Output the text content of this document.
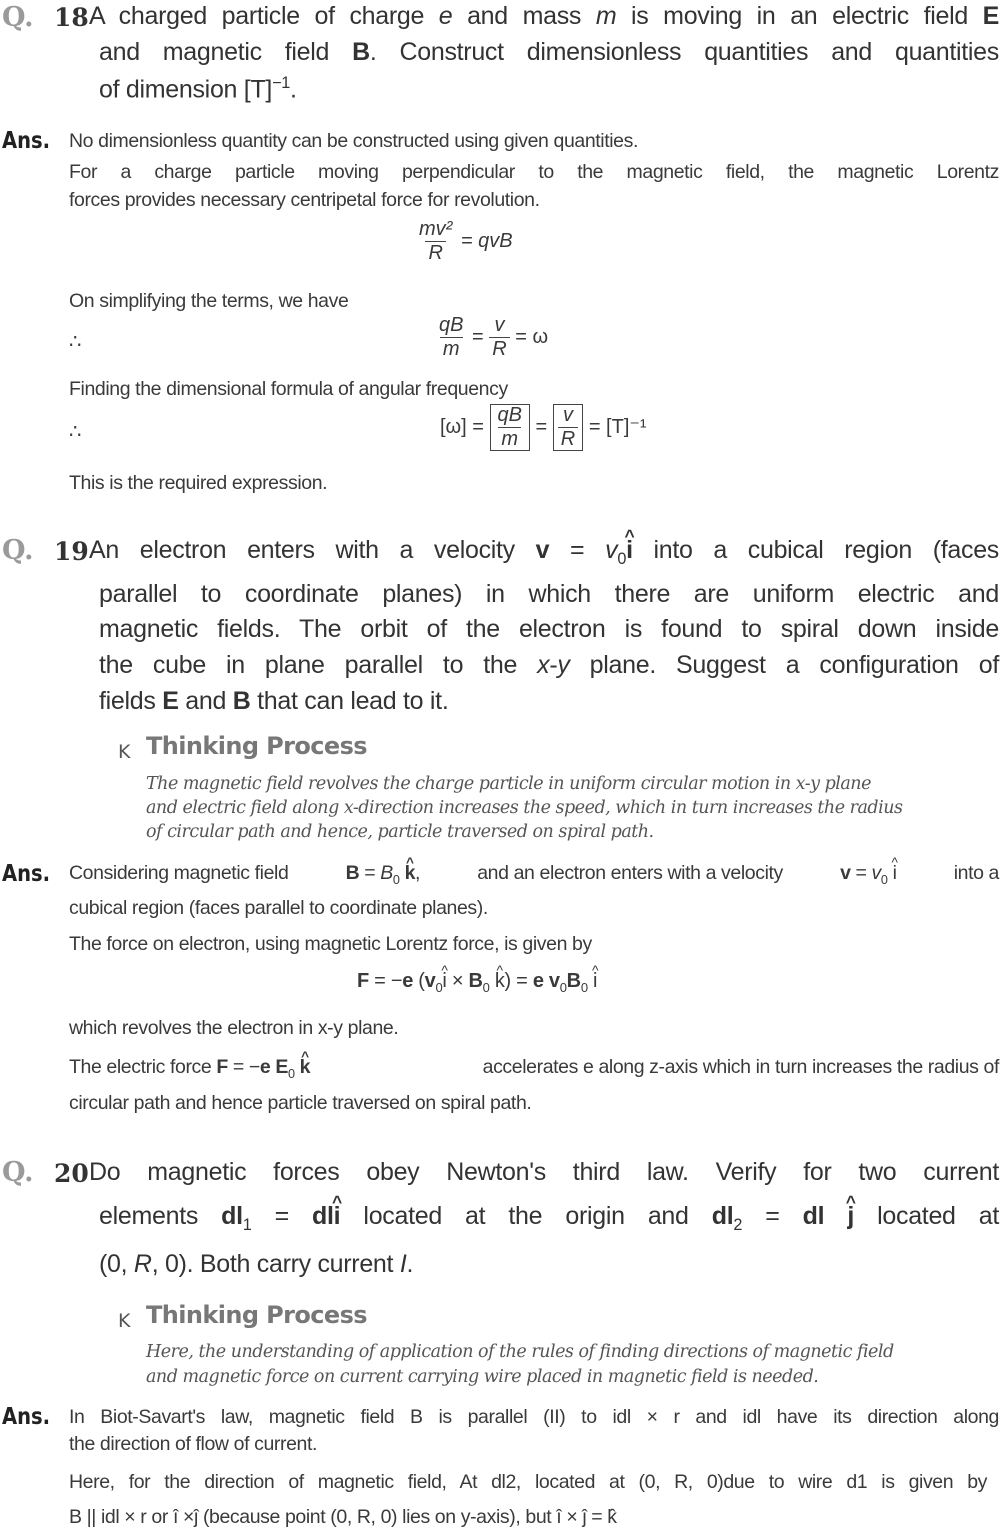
Q. 18 A charged particle of charge e and mass m is moving in an electric field E
and magnetic field B. Construct dimensionless quantities and quantities
of dimension $[T]^{-1}$.
Ans. No dimensionless quantity can be constructed using given quantities.
For a charge particle moving perpendicular to the magnetic field, the magnetic Lorentz
forces provides necessary centripetal force for revolution.
$\frac{\text{mv²}}{R}$ = qvB
On simplifying the terms, we have
∴	$\frac{qB}{m} = \frac{v}{R} = \omega$
Finding the dimensional formula of angular frequency
∴	$[\omega] = \frac{qB}{m} = \frac{v}{R} = [T]^{-1}$
This is the required expression.
Q. 19 An electron enters with a velocity $v = v_0i$ ^ into a cubical region (faces
parallel to coordinate planes) in which there are uniform electric and
magnetic fields. The orbit of the electron is found to spiral down inside
the cube in plane parallel to the x-y plane. Suggest a configuration of
fields E and B that can lead to it.
K Thinking Process
The magnetic field revolves the charge particle in uniform circular motion in x-y plane
and electric field along x-direction increases the speed, which in turn increases the radius
of circular path and hence, particle traversed on spiral path.
Ans. Considering magnetic field	$B = B_0$ k ^,	and an electron enters with a velocity	$v = v_0$ i ^	into a
cubical region (faces parallel to coordinate planes).
The force on electron, using magnetic Lorentz force, is given by
F = −e ($v_0i$ ^ × $B_0$ k ^) = e $v_0B_0$ i ^
which revolves the electron in x-y plane.
The electric force F = −e $E_0$ k ^	accelerates e along z-axis which in turn increases the radius of
circular path and hence particle traversed on spiral path.
Q. 20 Do magnetic forces obey Newton's third law. Verify for two current
elements $dl_1$ = dli ^ located at the origin and $dl_2$ = dl j ^ located at
(0, R, 0). Both carry current I.
K Thinking Process
Here, the understanding of application of the rules of finding directions of magnetic field
and magnetic force on current carrying wire placed in magnetic field is needed.
Ans. In Biot-Savart's law, magnetic field B is parallel (II) to idl × r and idl have its direction along
the direction of flow of current.
Here, for the direction of magnetic field, At dl2, located at (0, R, 0)due to wire d1 is given by
B || idl × r or î ×ĵ (because point (0, R, 0) lies on y-axis), but î × ĵ = k̂
